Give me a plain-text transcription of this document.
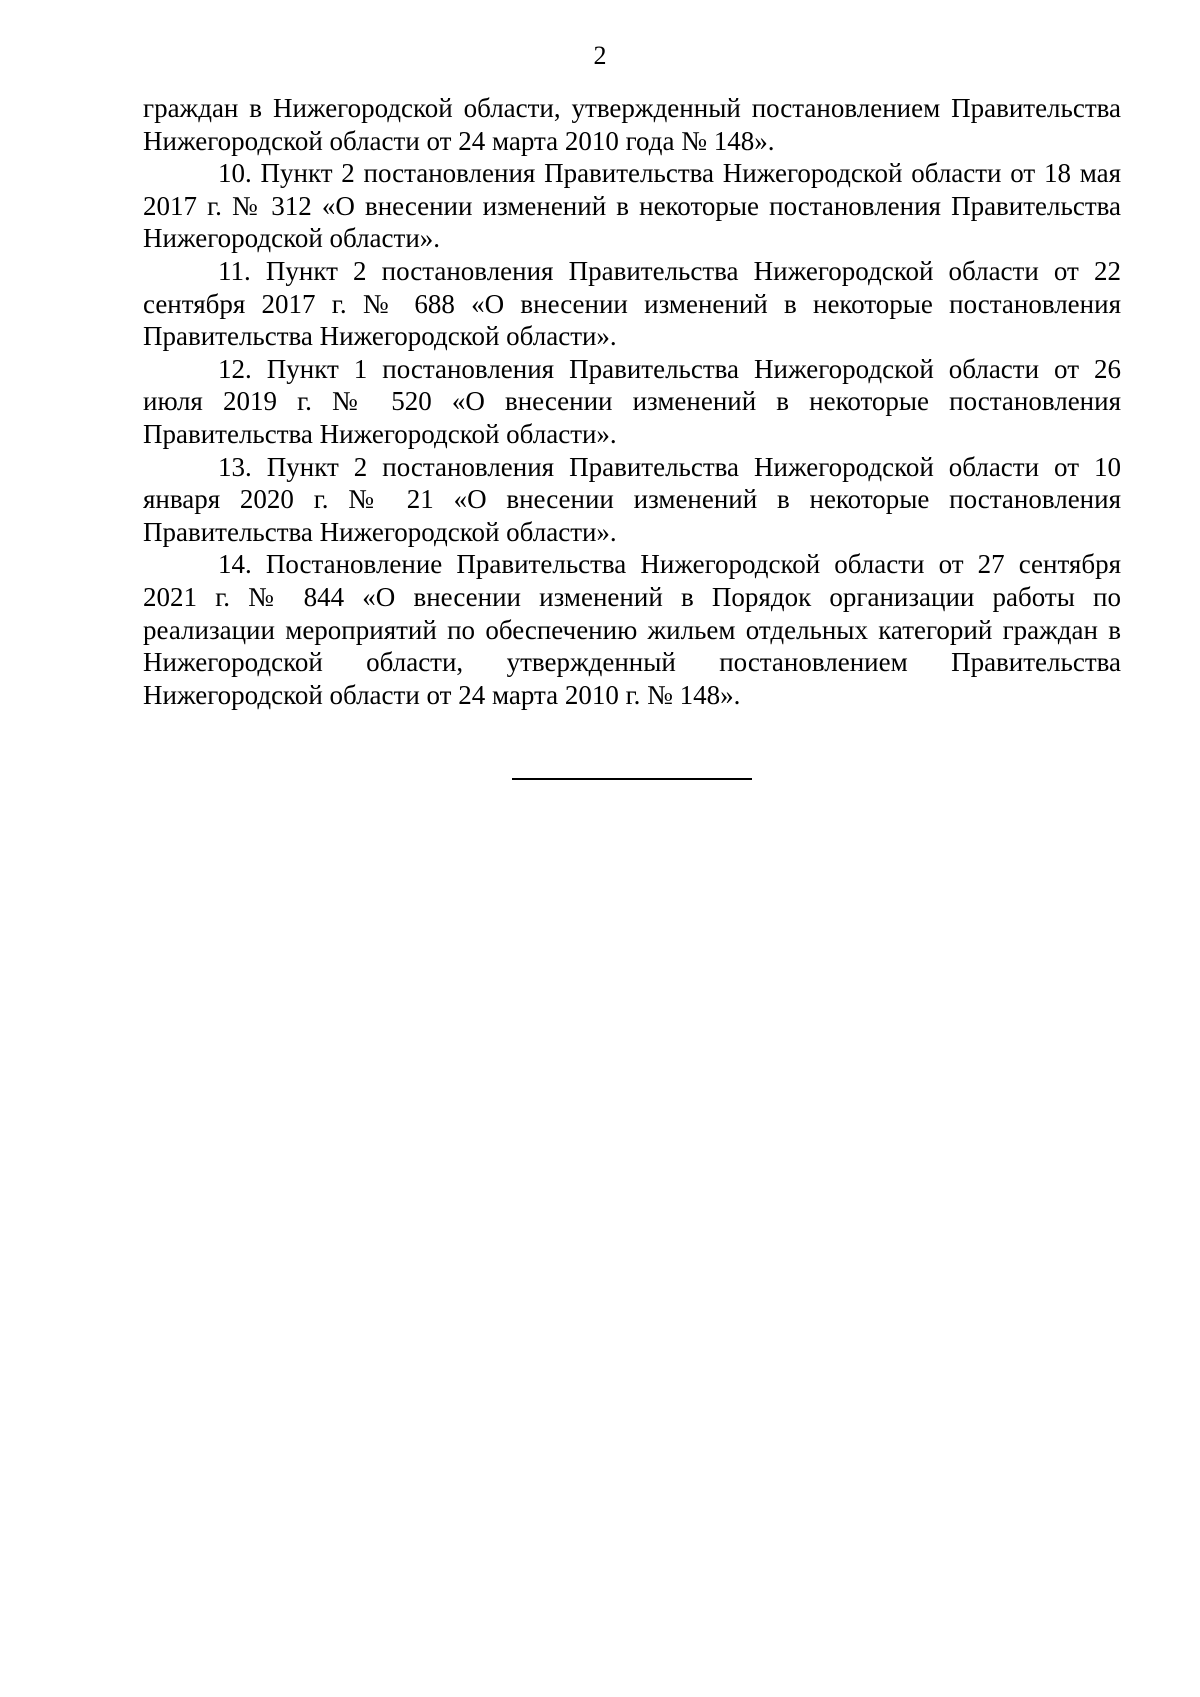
2

граждан в Нижегородской области, утвержденный постановлением Правительства Нижегородской области от 24 марта 2010 года № 148».

10. Пункт 2 постановления Правительства Нижегородской области от 18 мая 2017 г. № 312 «О внесении изменений в некоторые постановления Правительства Нижегородской области».

11. Пункт 2 постановления Правительства Нижегородской области от 22 сентября 2017 г. № 688 «О внесении изменений в некоторые постановления Правительства Нижегородской области».

12. Пункт 1 постановления Правительства Нижегородской области от 26 июля 2019 г. № 520 «О внесении изменений в некоторые постановления Правительства Нижегородской области».

13. Пункт 2 постановления Правительства Нижегородской области от 10 января 2020 г. № 21 «О внесении изменений в некоторые постановления Правительства Нижегородской области».

14. Постановление Правительства Нижегородской области от 27 сентября 2021 г. № 844 «О внесении изменений в Порядок организации работы по реализации мероприятий по обеспечению жильем отдельных категорий граждан в Нижегородской области, утвержденный постановлением Правительства Нижегородской области от 24 марта 2010 г. № 148».
